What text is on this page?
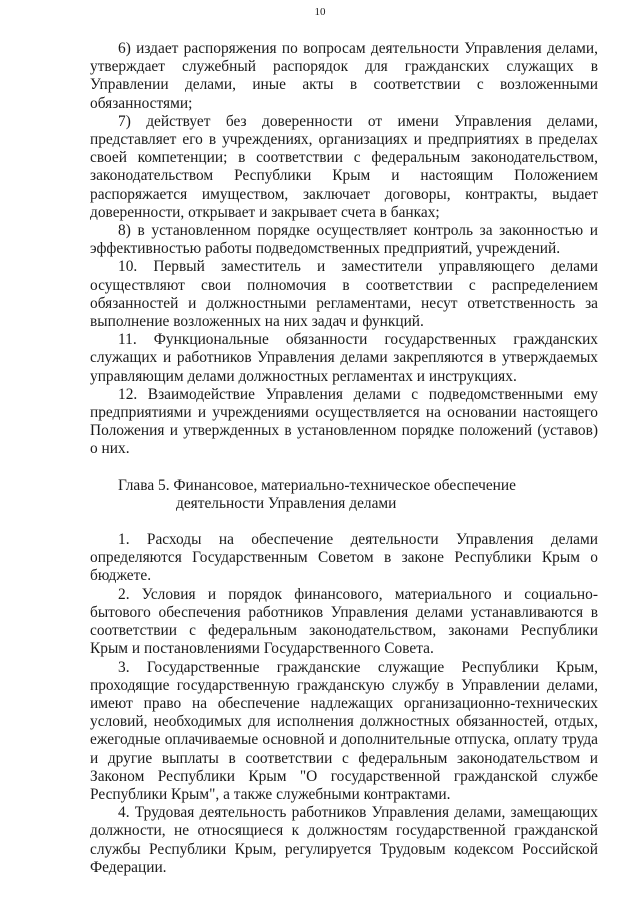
10

6) издает распоряжения по вопросам деятельности Управления делами, утверждает служебный распорядок для гражданских служащих в Управлении делами, иные акты в соответствии с возложенными обязанностями;

7) действует без доверенности от имени Управления делами, представляет его в учреждениях, организациях и предприятиях в пределах своей компетенции; в соответствии с федеральным законодательством, законодательством Республики Крым и настоящим Положением распоряжается имуществом, заключает договоры, контракты, выдает доверенности, открывает и закрывает счета в банках;

8) в установленном порядке осуществляет контроль за законностью и эффективностью работы подведомственных предприятий, учреждений.

10. Первый заместитель и заместители управляющего делами осуществляют свои полномочия в соответствии с распределением обязанностей и должностными регламентами, несут ответственность за выполнение возложенных на них задач и функций.

11. Функциональные обязанности государственных гражданских служащих и работников Управления делами закрепляются в утверждаемых управляющим делами должностных регламентах и инструкциях.

12. Взаимодействие Управления делами с подведомственными ему предприятиями и учреждениями осуществляется на основании настоящего Положения и утвержденных в установленном порядке положений (уставов) о них.

Глава 5. Финансовое, материально-техническое обеспечение
деятельности Управления делами

1. Расходы на обеспечение деятельности Управления делами определяются Государственным Советом в законе Республики Крым о бюджете.

2. Условия и порядок финансового, материального и социально-бытового обеспечения работников Управления делами устанавливаются в соответствии с федеральным законодательством, законами Республики Крым и постановлениями Государственного Совета.

3. Государственные гражданские служащие Республики Крым, проходящие государственную гражданскую службу в Управлении делами, имеют право на обеспечение надлежащих организационно-технических условий, необходимых для исполнения должностных обязанностей, отдых, ежегодные оплачиваемые основной и дополнительные отпуска, оплату труда и другие выплаты в соответствии с федеральным законодательством и Законом Республики Крым "О государственной гражданской службе Республики Крым", а также служебными контрактами.

4. Трудовая деятельность работников Управления делами, замещающих должности, не относящиеся к должностям государственной гражданской службы Республики Крым, регулируется Трудовым кодексом Российской Федерации.
